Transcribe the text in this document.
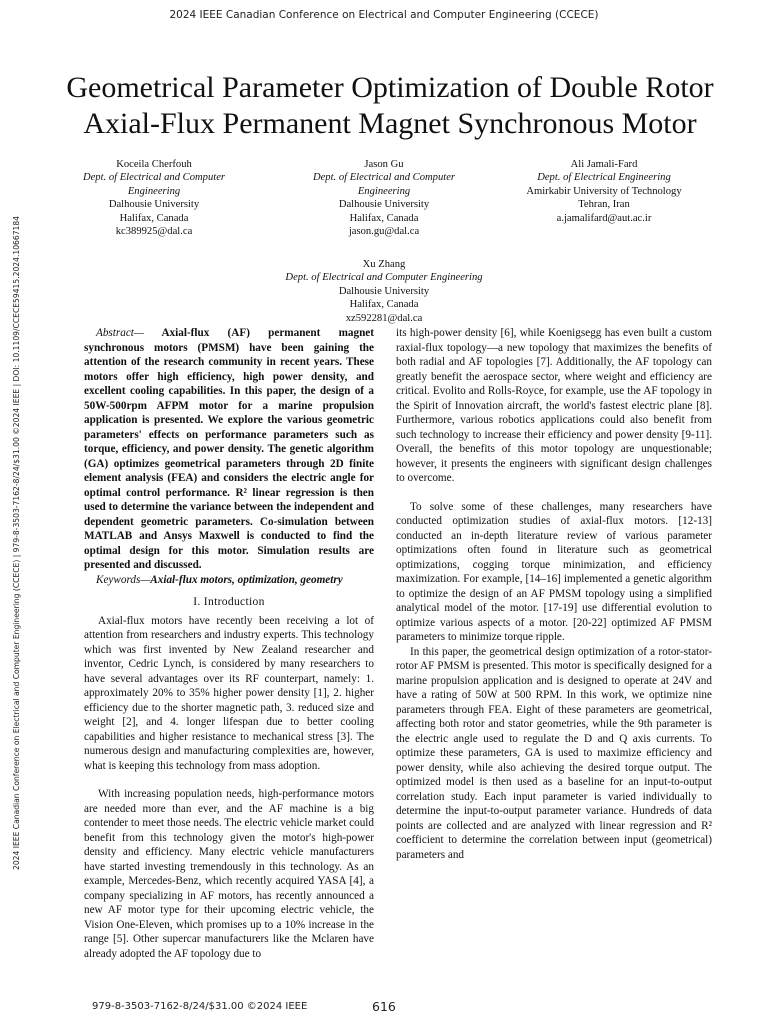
2024 IEEE Canadian Conference on Electrical and Computer Engineering (CCECE)
2024 IEEE Canadian Conference on Electrical and Computer Engineering (CCECE) | 979-8-3503-7162-8/24/$31.00 ©2024 IEEE | DOI: 10.1109/CCECE59415.2024.10667184
Geometrical Parameter Optimization of Double Rotor
Axial-Flux Permanent Magnet Synchronous Motor
Koceila Cherfouh
Dept. of Electrical and Computer
Engineering
Dalhousie University
Halifax, Canada
kc389925@dal.ca
Jason Gu
Dept. of Electrical and Computer
Engineering
Dalhousie University
Halifax, Canada
jason.gu@dal.ca
Ali Jamali-Fard
Dept. of Electrical Engineering
Amirkabir University of Technology
Tehran, Iran
a.jamalifard@aut.ac.ir
Xu Zhang
Dept. of Electrical and Computer Engineering
Dalhousie University
Halifax, Canada
xz592281@dal.ca

Abstract— Axial-flux (AF) permanent magnet synchronous motors (PMSM) have been gaining the attention of the research community in recent years. These motors offer high efficiency, high power density, and excellent cooling capabilities. In this paper, the design of a 50W-500rpm AFPM motor for a marine propulsion application is presented. We explore the various geometric parameters' effects on performance parameters such as torque, efficiency, and power density. The genetic algorithm (GA) optimizes geometrical parameters through 2D finite element analysis (FEA) and considers the electric angle for optimal control performance. R² linear regression is then used to determine the variance between the independent and dependent geometric parameters. Co-simulation between MATLAB and Ansys Maxwell is conducted to find the optimal design for this motor. Simulation results are presented and discussed.

Keywords—Axial-flux motors, optimization, geometry

I. Introduction

Axial-flux motors have recently been receiving a lot of attention from researchers and industry experts. This technology which was first invented by New Zealand researcher and inventor, Cedric Lynch, is considered by many researchers to have several advantages over its RF counterpart, namely: 1. approximately 20% to 35% higher power density [1], 2. higher efficiency due to the shorter magnetic path, 3. reduced size and weight [2], and 4. longer lifespan due to better cooling capabilities and higher resistance to mechanical stress [3]. The numerous design and manufacturing complexities are, however, what is keeping this technology from mass adoption.

With increasing population needs, high-performance motors are needed more than ever, and the AF machine is a big contender to meet those needs. The electric vehicle market could benefit from this technology given the motor's high-power density and efficiency. Many electric vehicle manufacturers have started investing tremendously in this technology. As an example, Mercedes-Benz, which recently acquired YASA [4], a company specializing in AF motors, has recently announced a new AF motor type for their upcoming electric vehicle, the Vision One-Eleven, which promises up to a 10% increase in the range [5]. Other supercar manufacturers like the Mclaren have already adopted the AF topology due to

its high-power density [6], while Koenigsegg has even built a custom raxial-flux topology—a new topology that maximizes the benefits of both radial and AF topologies [7]. Additionally, the AF topology can greatly benefit the aerospace sector, where weight and efficiency are critical. Evolito and Rolls-Royce, for example, use the AF topology in the Spirit of Innovation aircraft, the world's fastest electric plane [8]. Furthermore, various robotics applications could also benefit from such technology to increase their efficiency and power density [9-11]. Overall, the benefits of this motor topology are unquestionable; however, it presents the engineers with significant design challenges to overcome.

To solve some of these challenges, many researchers have conducted optimization studies of axial-flux motors. [12-13] conducted an in-depth literature review of various parameter optimizations often found in literature such as geometrical optimizations, cogging torque minimization, and efficiency maximization. For example, [14–16] implemented a genetic algorithm to optimize the design of an AF PMSM topology using a simplified analytical model of the motor. [17-19] use differential evolution to optimize various aspects of a motor. [20-22] optimized AF PMSM parameters to minimize torque ripple.

In this paper, the geometrical design optimization of a rotor-stator-rotor AF PMSM is presented. This motor is specifically designed for a marine propulsion application and is designed to operate at 24V and have a rating of 50W at 500 RPM. In this work, we optimize nine parameters through FEA. Eight of these parameters are geometrical, affecting both rotor and stator geometries, while the 9th parameter is the electric angle used to regulate the D and Q axis currents. To optimize these parameters, GA is used to maximize efficiency and power density, while also achieving the desired torque output. The optimized model is then used as a baseline for an input-to-output correlation study. Each input parameter is varied individually to determine the input-to-output parameter variance. Hundreds of data points are collected and are analyzed with linear regression and R² coefficient to determine the correlation between input (geometrical) parameters and

979-8-3503-7162-8/24/$31.00 ©2024 IEEE	616
